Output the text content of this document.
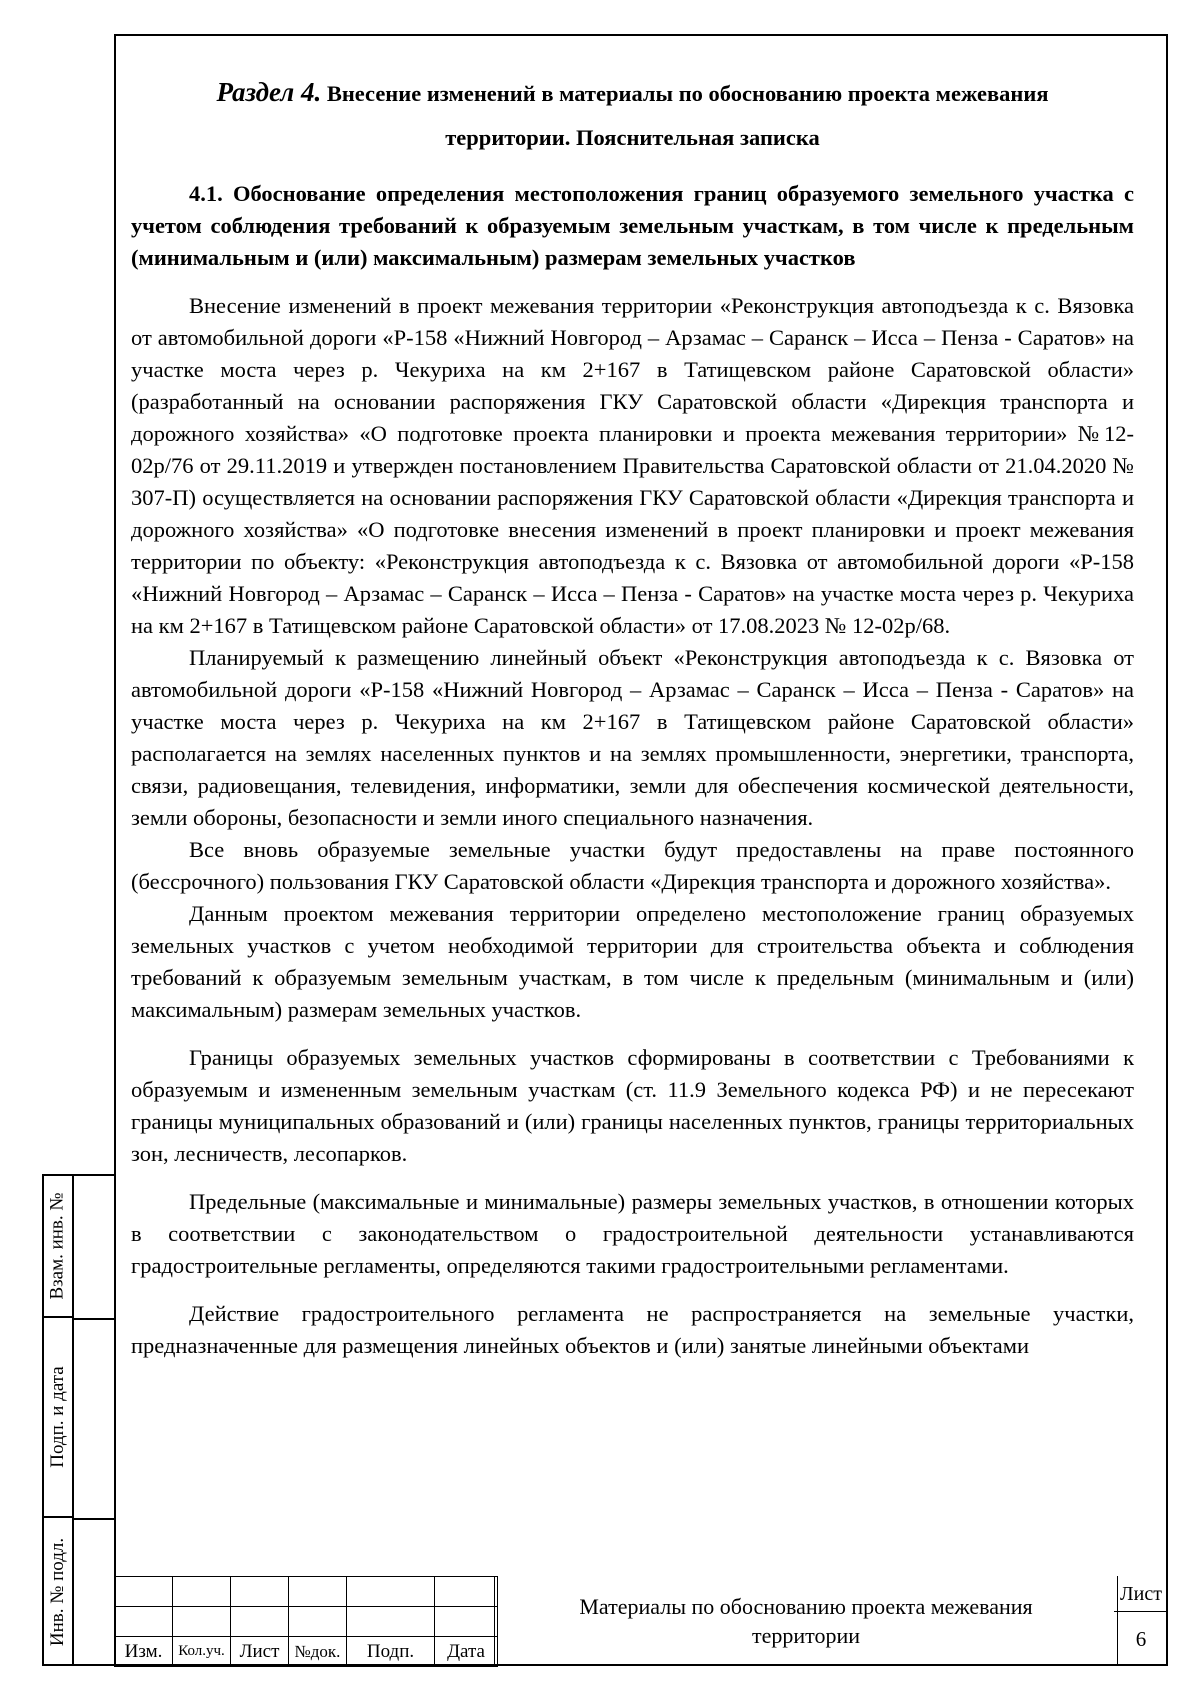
Раздел 4. Внесение изменений в материалы по обоснованию проекта межевания
территории. Пояснительная записка

4.1. Обоснование определения местоположения границ образуемого земельного участка с учетом соблюдения требований к образуемым земельным участкам, в том числе к предельным (минимальным и (или) максимальным) размерам земельных участков

Внесение изменений в проект межевания территории «Реконструкция автоподъезда к с. Вязовка от автомобильной дороги «Р-158 «Нижний Новгород – Арзамас – Саранск – Исса – Пенза - Саратов» на участке моста через р. Чекуриха на км 2+167 в Татищевском районе Саратовской области» (разработанный на основании распоряжения ГКУ Саратовской области «Дирекция транспорта и дорожного хозяйства» «О подготовке проекта планировки и проекта межевания территории» №12-02р/76 от 29.11.2019 и утвержден постановлением Правительства Саратовской области от 21.04.2020 № 307-П) осуществляется на основании распоряжения ГКУ Саратовской области «Дирекция транспорта и дорожного хозяйства» «О подготовке внесения изменений в проект планировки и проект межевания территории по объекту: «Реконструкция автоподъезда к с. Вязовка от автомобильной дороги «Р-158 «Нижний Новгород – Арзамас – Саранск – Исса – Пенза - Саратов» на участке моста через р. Чекуриха на км 2+167 в Татищевском районе Саратовской области» от 17.08.2023 № 12-02р/68.

Планируемый к размещению линейный объект «Реконструкция автоподъезда к с. Вязовка от автомобильной дороги «Р-158 «Нижний Новгород – Арзамас – Саранск – Исса – Пенза - Саратов» на участке моста через р. Чекуриха на км 2+167 в Татищевском районе Саратовской области» располагается на землях населенных пунктов и на землях промышленности, энергетики, транспорта, связи, радиовещания, телевидения, информатики, земли для обеспечения космической деятельности, земли обороны, безопасности и земли иного специального назначения.

Все вновь образуемые земельные участки будут предоставлены на праве постоянного (бессрочного) пользования ГКУ Саратовской области «Дирекция транспорта и дорожного хозяйства».

Данным проектом межевания территории определено местоположение границ образуемых земельных участков с учетом необходимой территории для строительства объекта и соблюдения требований к образуемым земельным участкам, в том числе к предельным (минимальным и (или) максимальным) размерам земельных участков.

Границы образуемых земельных участков сформированы в соответствии с Требованиями к образуемым и измененным земельным участкам (ст. 11.9 Земельного кодекса РФ) и не пересекают границы муниципальных образований и (или) границы населенных пунктов, границы территориальных зон, лесничеств, лесопарков.

Предельные (максимальные и минимальные) размеры земельных участков, в отношении которых в соответствии с законодательством о градостроительной деятельности устанавливаются градостроительные регламенты, определяются такими градостроительными регламентами.

Действие градостроительного регламента не распространяется на земельные участки, предназначенные для размещения линейных объектов и (или) занятые линейными объектами

Взам. инв. №
Подп. и дата
Инв. № подл.

Изм.	Кол.уч.	Лист	№док.	Подп.	Дата
Материалы по обоснованию проекта межевания территории
Лист
6
